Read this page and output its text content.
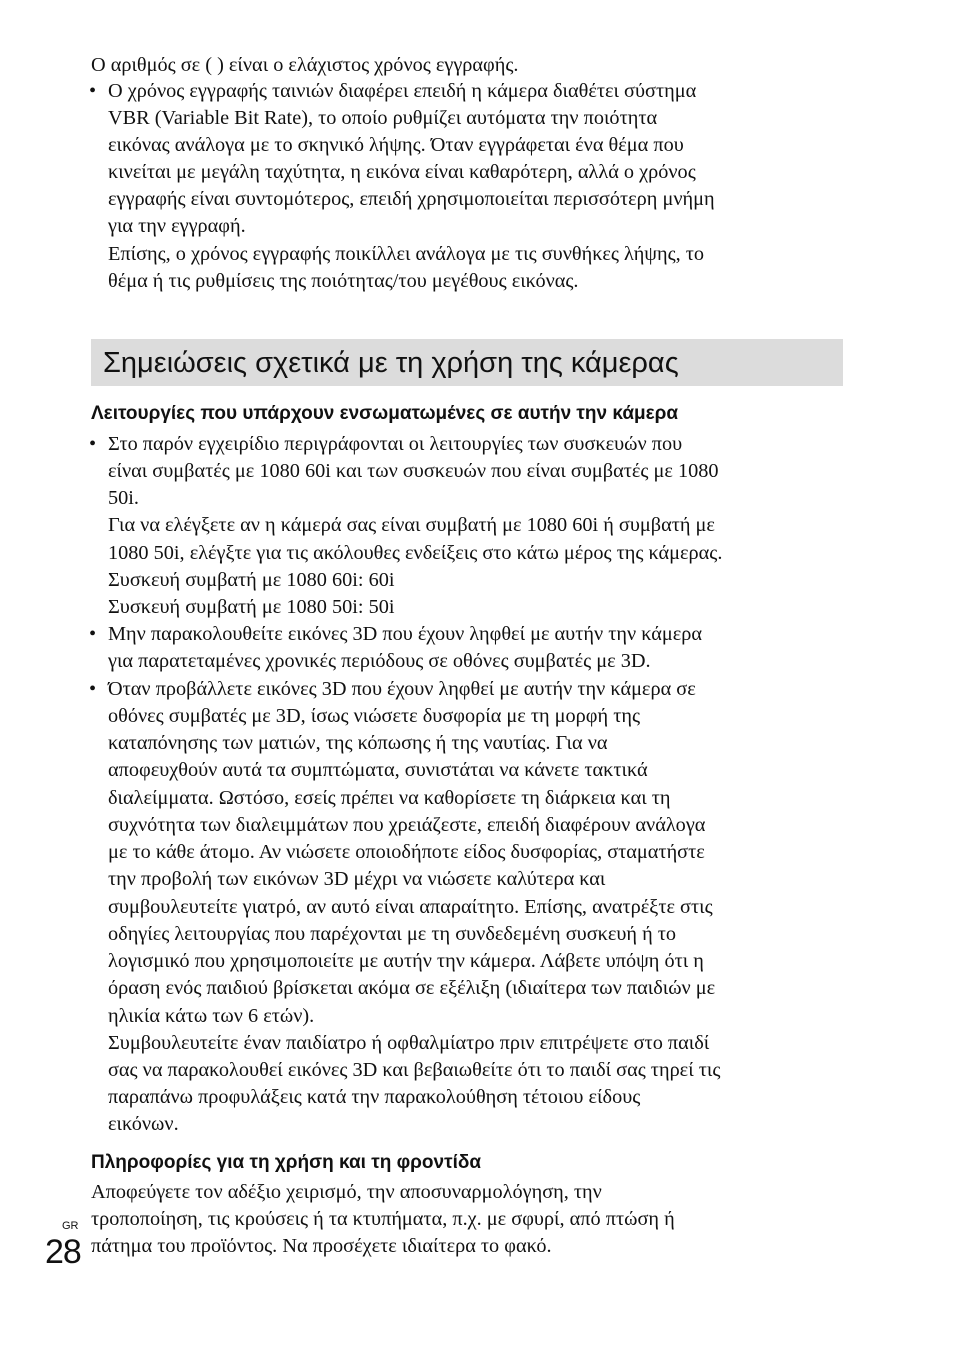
Ο αριθμός σε ( ) είναι ο ελάχιστος χρόνος εγγραφής.

• Ο χρόνος εγγραφής ταινιών διαφέρει επειδή η κάμερα διαθέτει σύστημα

VBR (Variable Bit Rate), το οποίο ρυθμίζει αυτόματα την ποιότητα

εικόνας ανάλογα με το σκηνικό λήψης. Όταν εγγράφεται ένα θέμα που

κινείται με μεγάλη ταχύτητα, η εικόνα είναι καθαρότερη, αλλά ο χρόνος

εγγραφής είναι συντομότερος, επειδή χρησιμοποιείται περισσότερη μνήμη

για την εγγραφή.

Επίσης, ο χρόνος εγγραφής ποικίλλει ανάλογα με τις συνθήκες λήψης, το

θέμα ή τις ρυθμίσεις της ποιότητας/του μεγέθους εικόνας.

Σημειώσεις σχετικά με τη χρήση της κάμερας
Λειτουργίες που υπάρχουν ενσωματωμένες σε αυτήν την κάμερα
• Στο παρόν εγχειρίδιο περιγράφονται οι λειτουργίες των συσκευών που

είναι συμβατές με 1080 60i και των συσκευών που είναι συμβατές με 1080

50i.

Για να ελέγξετε αν η κάμερά σας είναι συμβατή με 1080 60i ή συμβατή με

1080 50i, ελέγξτε για τις ακόλουθες ενδείξεις στο κάτω μέρος της κάμερας.

Συσκευή συμβατή με 1080 60i: 60i

Συσκευή συμβατή με 1080 50i: 50i

• Μην παρακολουθείτε εικόνες 3D που έχουν ληφθεί με αυτήν την κάμερα

για παρατεταμένες χρονικές περιόδους σε οθόνες συμβατές με 3D.

• Όταν προβάλλετε εικόνες 3D που έχουν ληφθεί με αυτήν την κάμερα σε

οθόνες συμβατές με 3D, ίσως νιώσετε δυσφορία με τη μορφή της

καταπόνησης των ματιών, της κόπωσης ή της ναυτίας. Για να

αποφευχθούν αυτά τα συμπτώματα, συνιστάται να κάνετε τακτικά

διαλείμματα. Ωστόσο, εσείς πρέπει να καθορίσετε τη διάρκεια και τη

συχνότητα των διαλειμμάτων που χρειάζεστε, επειδή διαφέρουν ανάλογα

με το κάθε άτομο. Αν νιώσετε οποιοδήποτε είδος δυσφορίας, σταματήστε

την προβολή των εικόνων 3D μέχρι να νιώσετε καλύτερα και

συμβουλευτείτε γιατρό, αν αυτό είναι απαραίτητο. Επίσης, ανατρέξτε στις

οδηγίες λειτουργίας που παρέχονται με τη συνδεδεμένη συσκευή ή το

λογισμικό που χρησιμοποιείτε με αυτήν την κάμερα. Λάβετε υπόψη ότι η

όραση ενός παιδιού βρίσκεται ακόμα σε εξέλιξη (ιδιαίτερα των παιδιών με

ηλικία κάτω των 6 ετών).

Συμβουλευτείτε έναν παιδίατρο ή οφθαλμίατρο πριν επιτρέψετε στο παιδί

σας να παρακολουθεί εικόνες 3D και βεβαιωθείτε ότι το παιδί σας τηρεί τις

παραπάνω προφυλάξεις κατά την παρακολούθηση τέτοιου είδους

εικόνων.

Πληροφορίες για τη χρήση και τη φροντίδα

Αποφεύγετε τον αδέξιο χειρισμό, την αποσυναρμολόγηση, την

τροποποίηση, τις κρούσεις ή τα κτυπήματα, π.χ. με σφυρί, από πτώση ή

πάτημα του προϊόντος. Να προσέχετε ιδιαίτερα το φακό.

GR
28
